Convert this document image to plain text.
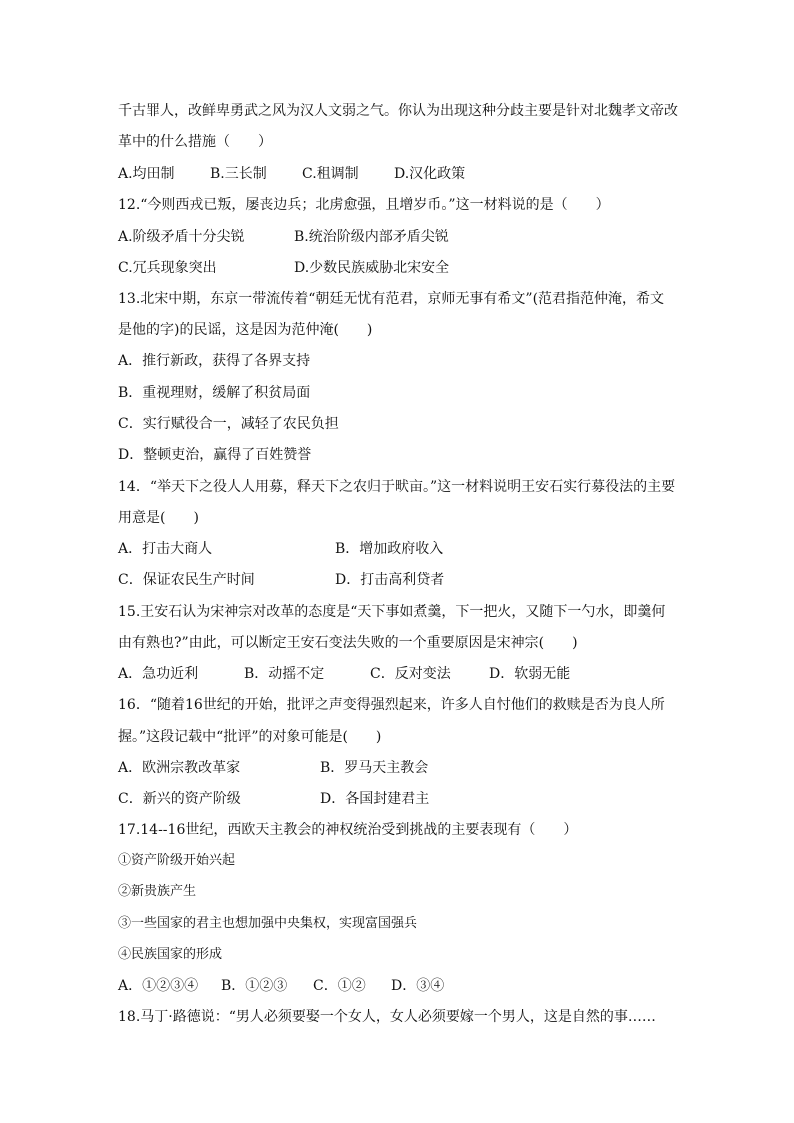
千古罪人，改鲜卑勇武之风为汉人文弱之气。你认为出现这种分歧主要是针对北魏孝文帝改
革中的什么措施（　　）
A.均田制	B.三长制	C.租调制	D.汉化政策
12.“今则西戎已叛，屡丧边兵；北虏愈强，且增岁币。”这一材料说的是（　　）
A.阶级矛盾十分尖锐	B.统治阶级内部矛盾尖锐
C.冗兵现象突出	D.少数民族威胁北宋安全
13.北宋中期，东京一带流传着“朝廷无忧有范君，京师无事有希文”(范君指范仲淹，希文
是他的字)的民谣，这是因为范仲淹(　　)
A．推行新政，获得了各界支持
B．重视理财，缓解了积贫局面
C．实行赋役合一，减轻了农民负担
D．整顿吏治，赢得了百姓赞誉
14．“举天下之役人人用募，释天下之农归于畎亩。”这一材料说明王安石实行募役法的主要
用意是(　　)
A．打击大商人	B．增加政府收入
C．保证农民生产时间	D．打击高利贷者
15.王安石认为宋神宗对改革的态度是“天下事如煮羹，下一把火，又随下一勺水，即羹何
由有熟也?”由此，可以断定王安石变法失败的一个重要原因是宋神宗(　　)
A．急功近利	B．动摇不定	C．反对变法	D．软弱无能
16．“随着16世纪的开始，批评之声变得强烈起来，许多人自忖他们的救赎是否为良人所
握。”这段记载中“批评”的对象可能是(　　)
A．欧洲宗教改革家	B．罗马天主教会
C．新兴的资产阶级	D．各国封建君主
17.14--16世纪，西欧天主教会的神权统治受到挑战的主要表现有（　　）
①资产阶级开始兴起
②新贵族产生
③一些国家的君主也想加强中央集权，实现富国强兵
④民族国家的形成
A．①②③④ B．①②③ C．①② D．③④
18.马丁·路德说：“男人必须要娶一个女人，女人必须要嫁一个男人，这是自然的事……
